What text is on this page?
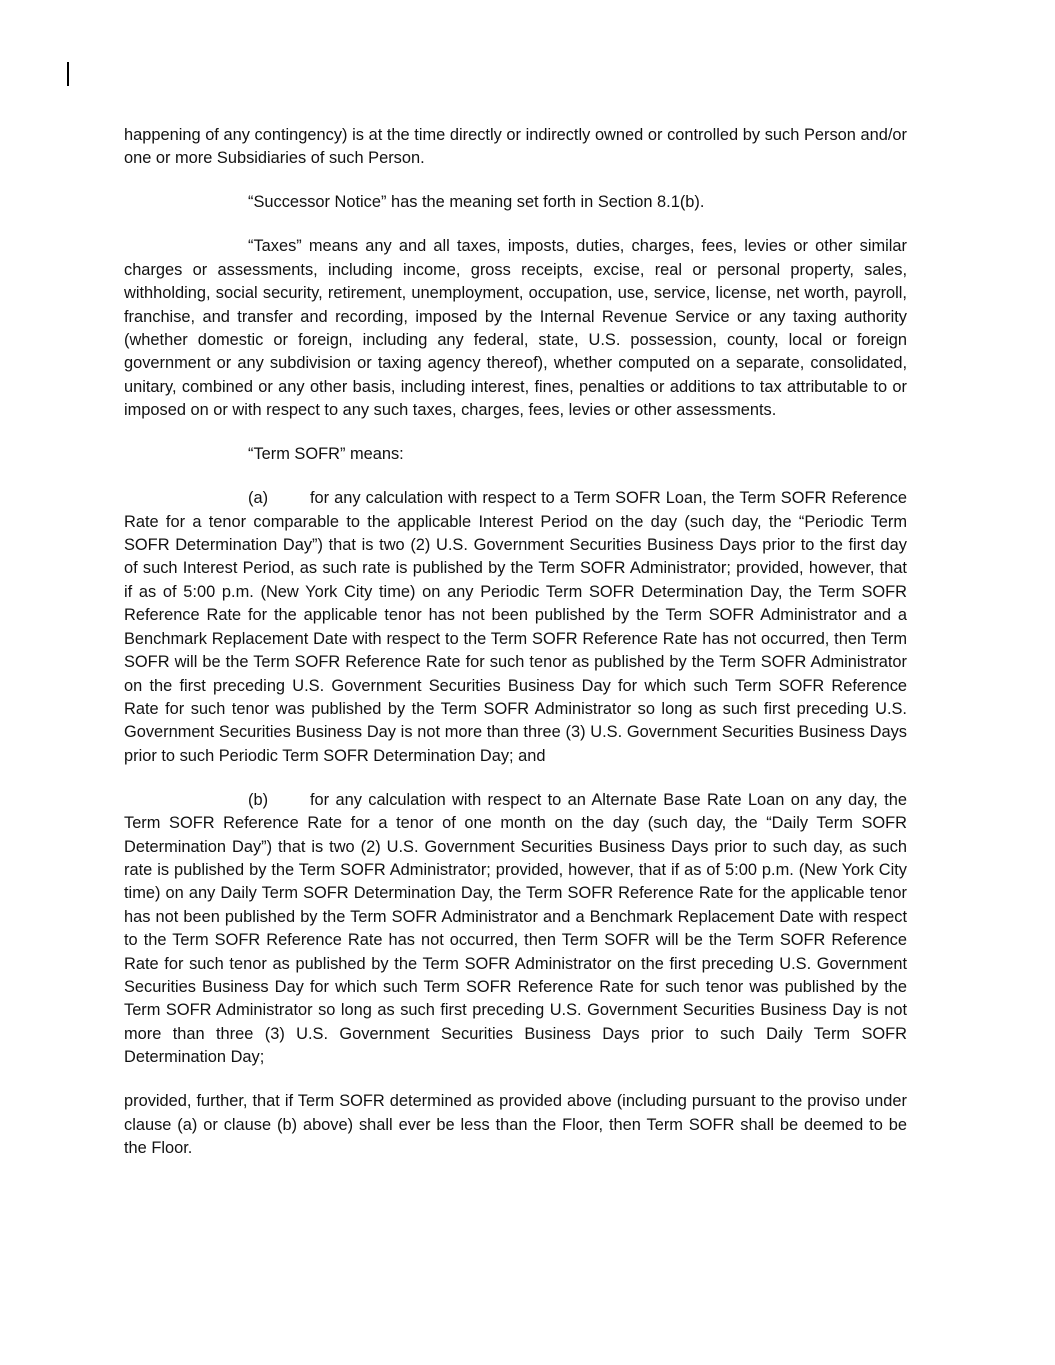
happening of any contingency) is at the time directly or indirectly owned or controlled by such Person and/or one or more Subsidiaries of such Person.

“Successor Notice” has the meaning set forth in Section 8.1(b).

“Taxes” means any and all taxes, imposts, duties, charges, fees, levies or other similar charges or assessments, including income, gross receipts, excise, real or personal property, sales, withholding, social security, retirement, unemployment, occupation, use, service, license, net worth, payroll, franchise, and transfer and recording, imposed by the Internal Revenue Service or any taxing authority (whether domestic or foreign, including any federal, state, U.S. possession, county, local or foreign government or any subdivision or taxing agency thereof), whether computed on a separate, consolidated, unitary, combined or any other basis, including interest, fines, penalties or additions to tax attributable to or imposed on or with respect to any such taxes, charges, fees, levies or other assessments.

“Term SOFR” means:

(a)	for any calculation with respect to a Term SOFR Loan, the Term SOFR Reference Rate for a tenor comparable to the applicable Interest Period on the day (such day, the “Periodic Term SOFR Determination Day”) that is two (2) U.S. Government Securities Business Days prior to the first day of such Interest Period, as such rate is published by the Term SOFR Administrator; provided, however, that if as of 5:00 p.m. (New York City time) on any Periodic Term SOFR Determination Day, the Term SOFR Reference Rate for the applicable tenor has not been published by the Term SOFR Administrator and a Benchmark Replacement Date with respect to the Term SOFR Reference Rate has not occurred, then Term SOFR will be the Term SOFR Reference Rate for such tenor as published by the Term SOFR Administrator on the first preceding U.S. Government Securities Business Day for which such Term SOFR Reference Rate for such tenor was published by the Term SOFR Administrator so long as such first preceding U.S. Government Securities Business Day is not more than three (3) U.S. Government Securities Business Days prior to such Periodic Term SOFR Determination Day; and

(b)	for any calculation with respect to an Alternate Base Rate Loan on any day, the Term SOFR Reference Rate for a tenor of one month on the day (such day, the “Daily Term SOFR Determination Day”) that is two (2) U.S. Government Securities Business Days prior to such day, as such rate is published by the Term SOFR Administrator; provided, however, that if as of 5:00 p.m. (New York City time) on any Daily Term SOFR Determination Day, the Term SOFR Reference Rate for the applicable tenor has not been published by the Term SOFR Administrator and a Benchmark Replacement Date with respect to the Term SOFR Reference Rate has not occurred, then Term SOFR will be the Term SOFR Reference Rate for such tenor as published by the Term SOFR Administrator on the first preceding U.S. Government Securities Business Day for which such Term SOFR Reference Rate for such tenor was published by the Term SOFR Administrator so long as such first preceding U.S. Government Securities Business Day is not more than three (3) U.S. Government Securities Business Days prior to such Daily Term SOFR Determination Day;

provided, further, that if Term SOFR determined as provided above (including pursuant to the proviso under clause (a) or clause (b) above) shall ever be less than the Floor, then Term SOFR shall be deemed to be the Floor.
